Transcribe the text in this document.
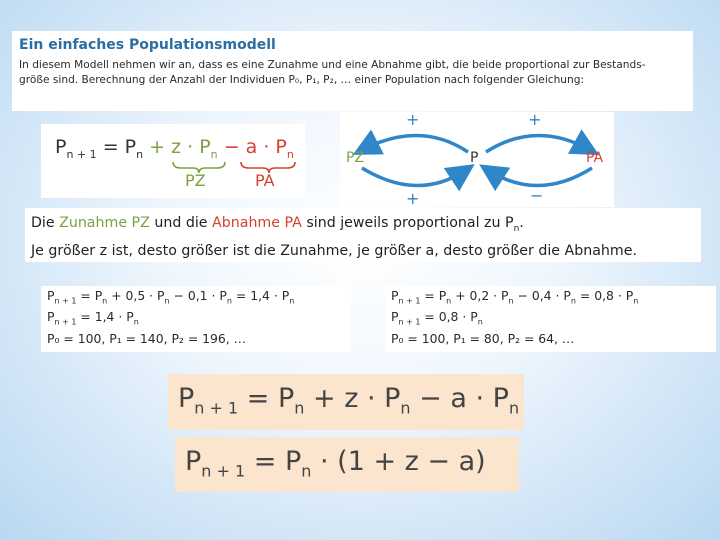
Ein einfaches Populationsmodell
In diesem Modell nehmen wir an, dass es eine Zunahme und eine Abnahme gibt, die beide proportional zur Bestands-
größe sind. Berechnung der Anzahl der Individuen P₀, P₁, P₂, … einer Population nach folgender Gleichung:
$P_{n + 1} = P_n + z \cdot P_n - a \cdot P_n$
PZ	PA
PZ	P	PA
+	+
+	−
Die Zunahme PZ und die Abnahme PA sind jeweils proportional zu $P_n$.
Je größer z ist, desto größer ist die Zunahme, je größer a, desto größer die Abnahme.
$P_{n + 1} = P_n + 0,5 \cdot P_n - 0,1 \cdot P_n = 1,4 \cdot P_n$
$P_{n + 1} = 1,4 \cdot P_n$
P₀ = 100, P₁ = 140, P₂ = 196, …
$P_{n + 1} = P_n + 0,2 \cdot P_n - 0,4 \cdot P_n = 0,8 \cdot P_n$
$P_{n + 1} = 0,8 \cdot P_n$
P₀ = 100, P₁ = 80, P₂ = 64, …
$P_{n + 1} = P_n + z \cdot P_n - a \cdot P_n$
$P_{n + 1} = P_n \cdot (1 + z - a)$
